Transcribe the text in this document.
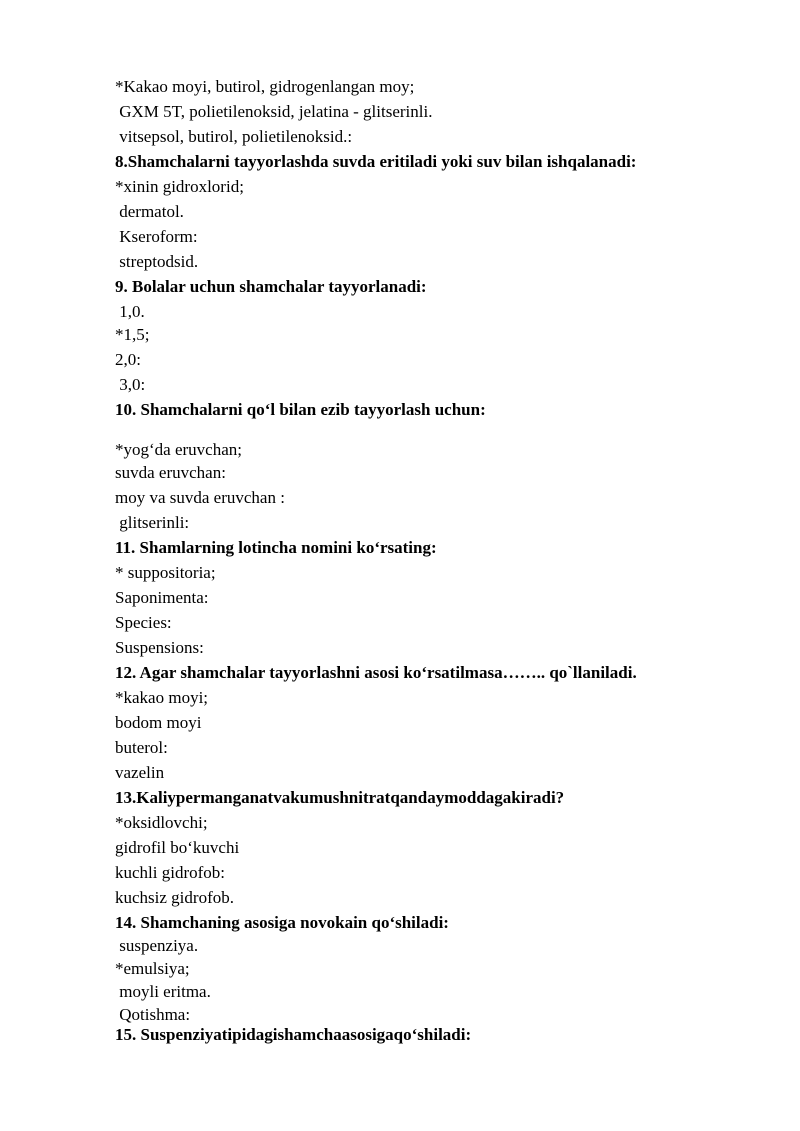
*Kakao moyi, butirol, gidrogenlangan moy;
GXM 5T, polietilenoksid, jelatina - glitserinli.
vitsepsol, butirol, polietilenoksid.:
8.Shamchalarni tayyorlashda suvda eritiladi yoki suv bilan ishqalanadi:
*xinin gidroxlorid;
dermatol.
Kseroform:
streptodsid.
9. Bolalar uchun shamchalar tayyorlanadi:
1,0.
*1,5;
2,0:
3,0:
10. Shamchalarni qo‘l bilan ezib tayyorlash uchun:
*yog‘da eruvchan;
suvda eruvchan:
moy va suvda eruvchan :
glitserinli:
11. Shamlarning lotincha nomini ko‘rsating:
* suppositoria;
Saponimenta:
Species:
Suspensions:
12. Agar shamchalar tayyorlashni asosi ko‘rsatilmasa…….. qo`llaniladi.
*kakao moyi;
bodom moyi
buterol:
vazelin
13.Kaliypermanganatvakumushnitratqandaymoddagakiradi?
*oksidlovchi;
gidrofil bo‘kuvchi
kuchli gidrofob:
kuchsiz gidrofob.
14. Shamchaning asosiga novokain qo‘shiladi:
suspenziya.
*emulsiya;
moyli eritma.
Qotishma:
15. Suspenziyatipidagishamchaasosigaqo‘shiladi:
